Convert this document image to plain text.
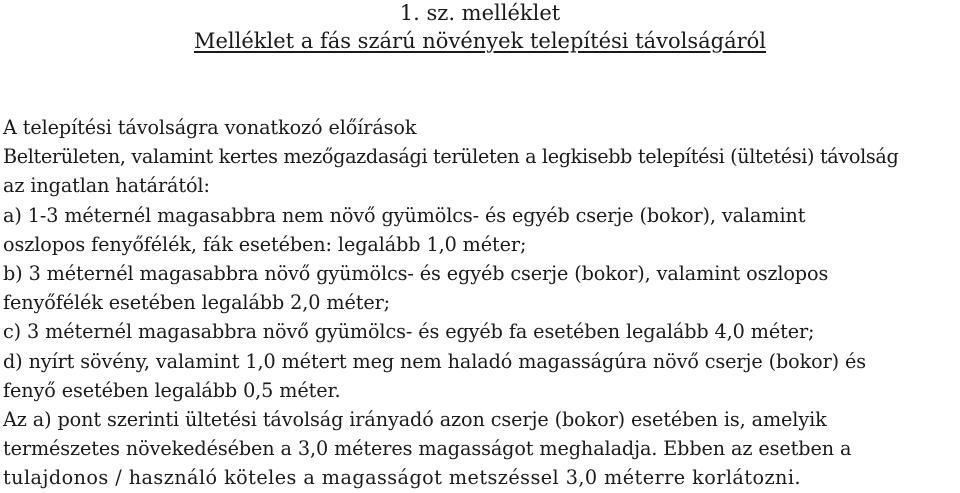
1. sz. melléklet
Melléklet a fás szárú növények telepítési távolságáról
A telepítési távolságra vonatkozó előírások
Belterületen, valamint kertes mezőgazdasági területen a legkisebb telepítési (ültetési) távolság
az ingatlan határától:
a) 1-3 méternél magasabbra nem növő gyümölcs- és egyéb cserje (bokor), valamint
oszlopos fenyőfélék, fák esetében: legalább 1,0 méter;
b) 3 méternél magasabbra növő gyümölcs- és egyéb cserje (bokor), valamint oszlopos
fenyőfélék esetében legalább 2,0 méter;
c) 3 méternél magasabbra növő gyümölcs- és egyéb fa esetében legalább 4,0 méter;
d) nyírt sövény, valamint 1,0 métert meg nem haladó magasságúra növő cserje (bokor) és
fenyő esetében legalább 0,5 méter.
Az a) pont szerinti ültetési távolság irányadó azon cserje (bokor) esetében is, amelyik
természetes növekedésében a 3,0 méteres magasságot meghaladja. Ebben az esetben a
tulajdonos / használó köteles a magasságot metszéssel 3,0 méterre korlátozni.
